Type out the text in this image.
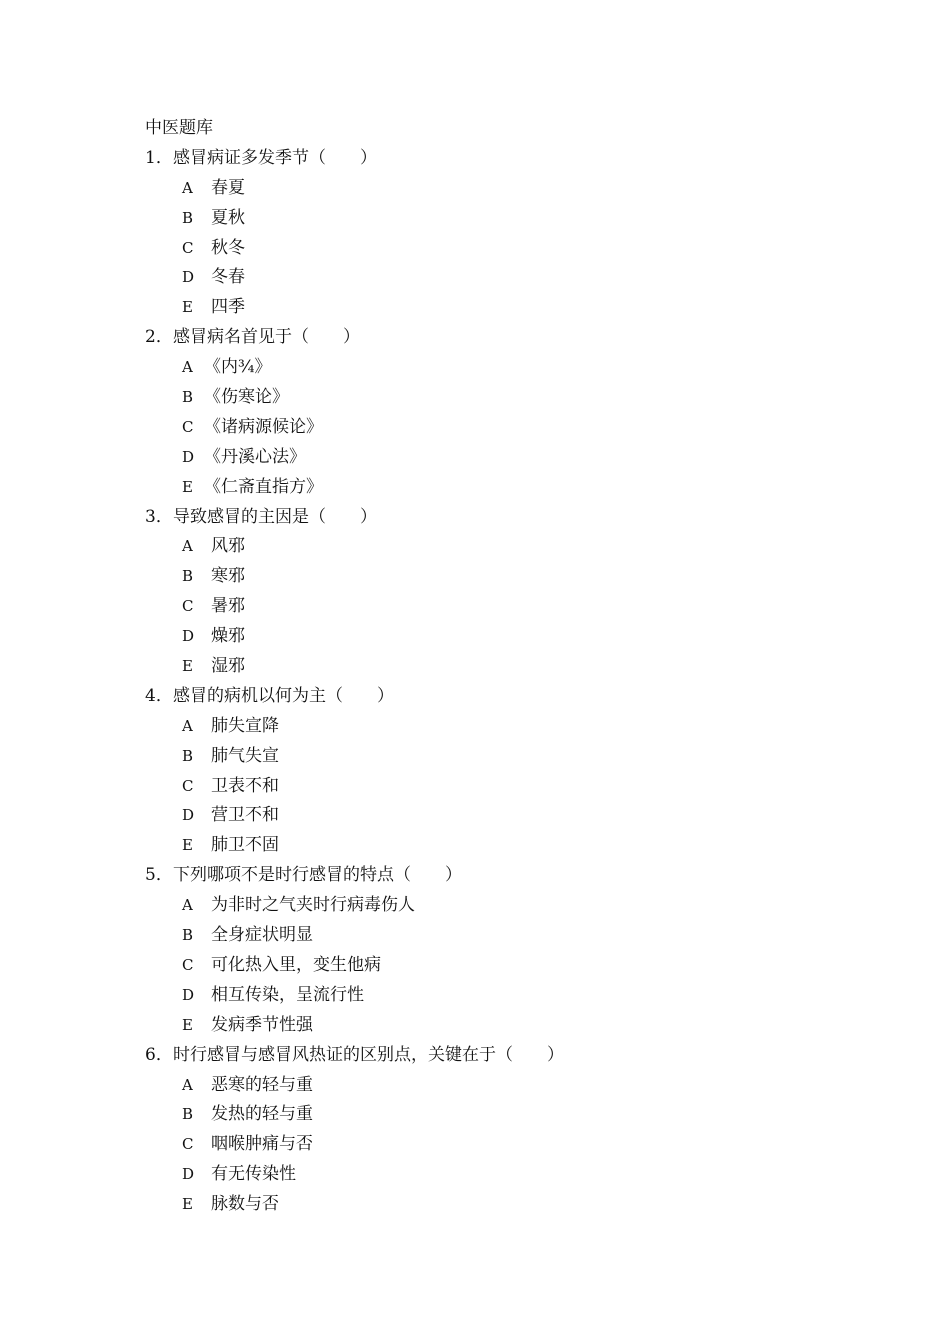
中医题库
1．感冒病证多发季节（　　）
A 春夏
B 夏秋
C 秋冬
D 冬春
E 四季
2．感冒病名首见于（　　）
A 《内¾》
B 《伤寒论》
C 《诸病源候论》
D 《丹溪心法》
E 《仁斋直指方》
3．导致感冒的主因是（　　）
A 风邪
B 寒邪
C 暑邪
D 燥邪
E 湿邪
4．感冒的病机以何为主（　　）
A 肺失宣降
B 肺气失宣
C 卫表不和
D 营卫不和
E 肺卫不固
5．下列哪项不是时行感冒的特点（　　）
A 为非时之气夹时行病毒伤人
B 全身症状明显
C 可化热入里，变生他病
D 相互传染，呈流行性
E 发病季节性强
6．时行感冒与感冒风热证的区别点，关键在于（　　）
A 恶寒的轻与重
B 发热的轻与重
C 咽喉肿痛与否
D 有无传染性
E 脉数与否
